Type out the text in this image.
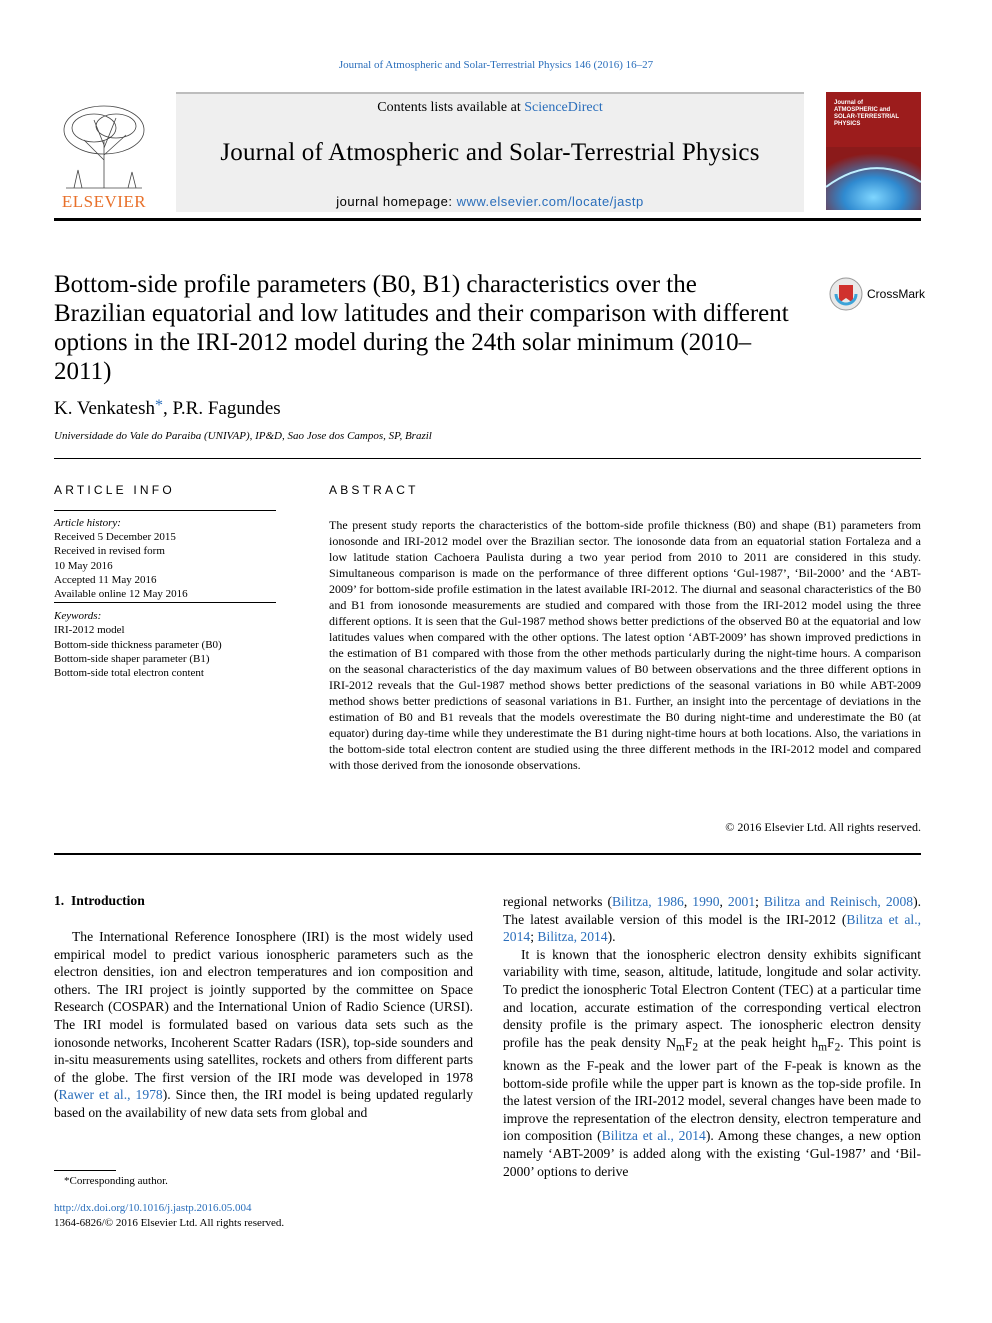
Journal of Atmospheric and Solar-Terrestrial Physics 146 (2016) 16–27
ELSEVIER
Contents lists available at ScienceDirect
Journal of Atmospheric and Solar-Terrestrial Physics
journal homepage: www.elsevier.com/locate/jastp
Journal of ATMOSPHERIC and SOLAR-TERRESTRIAL PHYSICS
Bottom-side profile parameters (B0, B1) characteristics over the Brazilian equatorial and low latitudes and their comparison with different options in the IRI-2012 model during the 24th solar minimum (2010–2011)
CrossMark
K. Venkatesh*, P.R. Fagundes
Universidade do Vale do Paraiba (UNIVAP), IP&D, Sao Jose dos Campos, SP, Brazil
ARTICLE INFO
Article history:
Received 5 December 2015
Received in revised form
10 May 2016
Accepted 11 May 2016
Available online 12 May 2016
Keywords:
IRI-2012 model
Bottom-side thickness parameter (B0)
Bottom-side shaper parameter (B1)
Bottom-side total electron content
ABSTRACT
The present study reports the characteristics of the bottom-side profile thickness (B0) and shape (B1) parameters from ionosonde and IRI-2012 model over the Brazilian sector. The ionosonde data from an equatorial station Fortaleza and a low latitude station Cachoera Paulista during a two year period from 2010 to 2011 are considered in this study. Simultaneous comparison is made on the performance of three different options ‘Gul-1987’, ‘Bil-2000’ and the ‘ABT-2009’ for bottom-side profile estimation in the latest available IRI-2012. The diurnal and seasonal characteristics of the B0 and B1 from ionosonde measurements are studied and compared with those from the IRI-2012 model using the three different options. It is seen that the Gul-1987 method shows better predictions of the observed B0 at the equatorial and low latitudes values when compared with the other options. The latest option ‘ABT-2009’ has shown improved predictions in the estimation of B1 compared with those from the other methods particularly during the night-time hours. A comparison on the seasonal characteristics of the day maximum values of B0 between observations and the three different options in IRI-2012 reveals that the Gul-1987 method shows better predictions of the seasonal variations in B0 while ABT-2009 method shows better predictions of seasonal variations in B1. Further, an insight into the percentage of deviations in the estimation of B0 and B1 reveals that the models overestimate the B0 during night-time and underestimate the B0 (at equator) during day-time while they underestimate the B1 during night-time hours at both locations. Also, the variations in the bottom-side total electron content are studied using the three different methods in the IRI-2012 model and compared with those derived from the ionosonde observations.
© 2016 Elsevier Ltd. All rights reserved.
1. Introduction

The International Reference Ionosphere (IRI) is the most widely used empirical model to predict various ionospheric parameters such as the electron densities, ion and electron temperatures and ion composition and others. The IRI project is jointly supported by the committee on Space Research (COSPAR) and the International Union of Radio Science (URSI). The IRI model is formulated based on various data sets such as the ionosonde networks, Incoherent Scatter Radars (ISR), top-side sounders and in-situ measurements using satellites, rockets and others from different parts of the globe. The first version of the IRI mode was developed in 1978 (Rawer et al., 1978). Since then, the IRI model is being updated regularly based on the availability of new data sets from global and

regional networks (Bilitza, 1986, 1990, 2001; Bilitza and Reinisch, 2008). The latest available version of this model is the IRI-2012 (Bilitza et al., 2014; Bilitza, 2014).

It is known that the ionospheric electron density exhibits significant variability with time, season, altitude, latitude, longitude and solar activity. To predict the ionospheric Total Electron Content (TEC) at a particular time and location, accurate estimation of the corresponding vertical electron density profile is the primary aspect. The ionospheric electron density profile has the peak density $N_mF_2$ at the peak height $h_mF_2$. This point is known as the F-peak and the lower part of the F-peak is known as the bottom-side profile while the upper part is known as the top-side profile. In the latest version of the IRI-2012 model, several changes have been made to improve the representation of the electron density, electron temperature and ion composition (Bilitza et al., 2014). Among these changes, a new option namely ‘ABT-2009’ is added along with the existing ‘Gul-1987’ and ‘Bil-2000’ options to derive

*Corresponding author.
http://dx.doi.org/10.1016/j.jastp.2016.05.004
1364-6826/© 2016 Elsevier Ltd. All rights reserved.
